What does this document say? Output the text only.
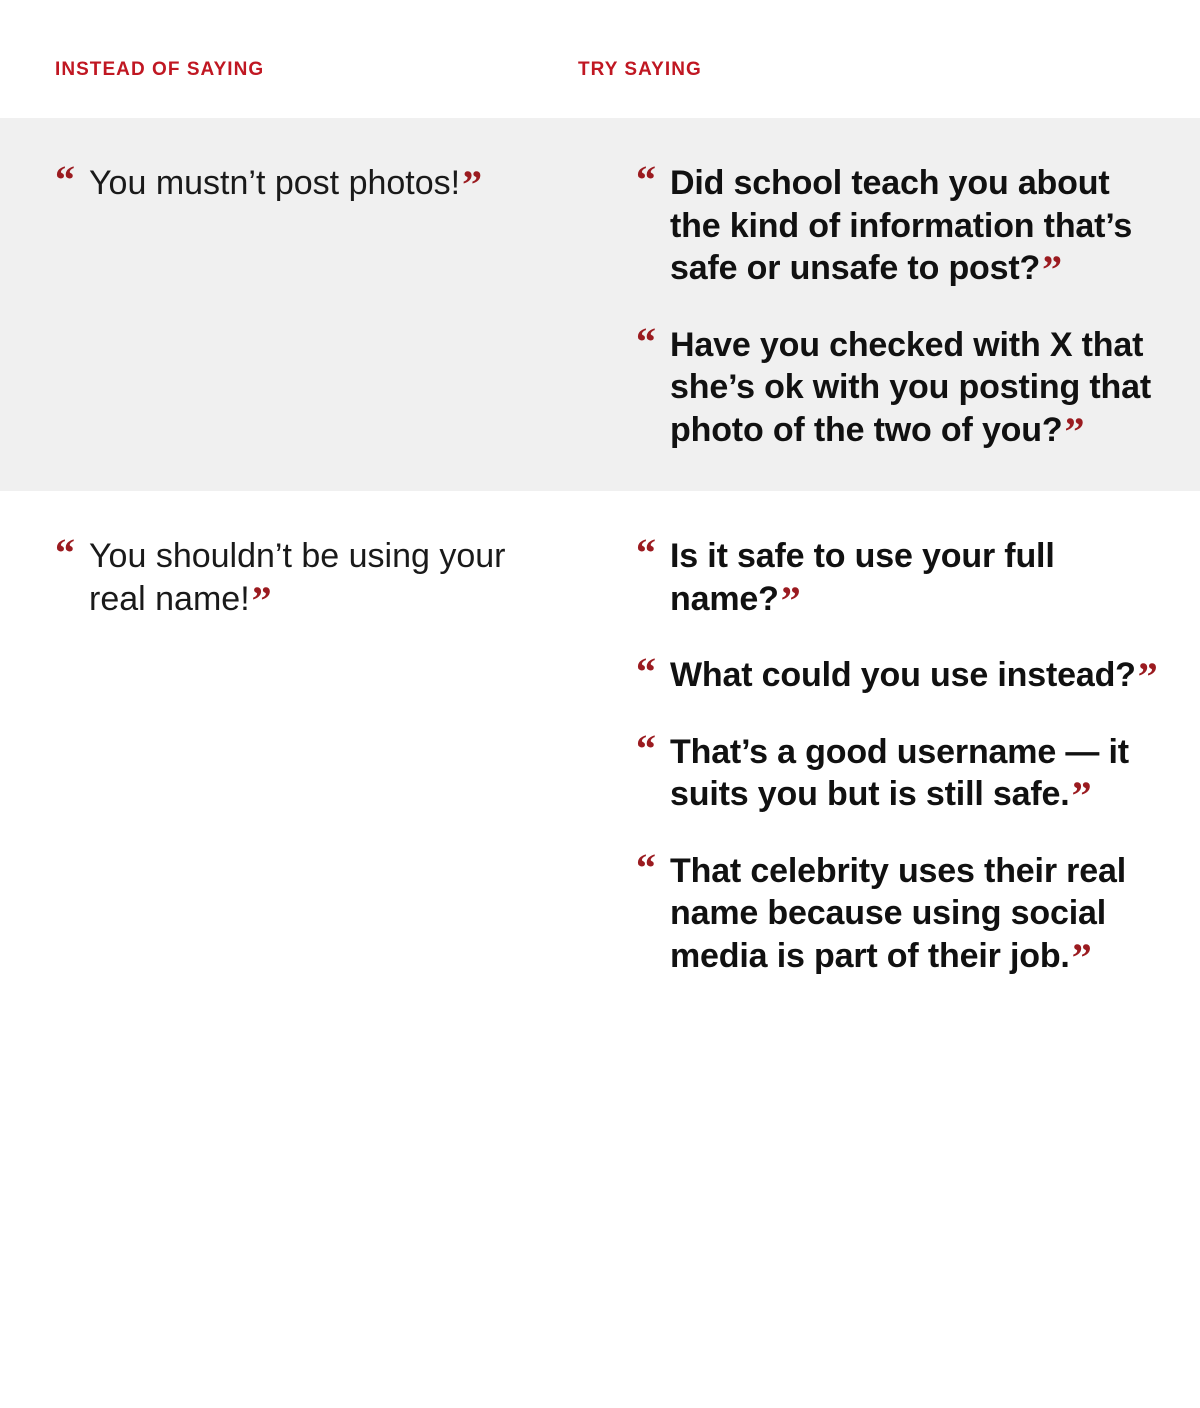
INSTEAD OF SAYING	TRY SAYING

“ You mustn’t post photos!”	“ Did school teach you about the kind of information that’s safe or unsafe to post?”

“ Have you checked with X that she’s ok with you posting that photo of the two of you?”

“ You shouldn’t be using your real name!”

“ Is it safe to use your full name?”

“ What could you use instead?”

“ That’s a good username — it suits you but is still safe.”

“ That celebrity uses their real name because using social media is part of their job.”
